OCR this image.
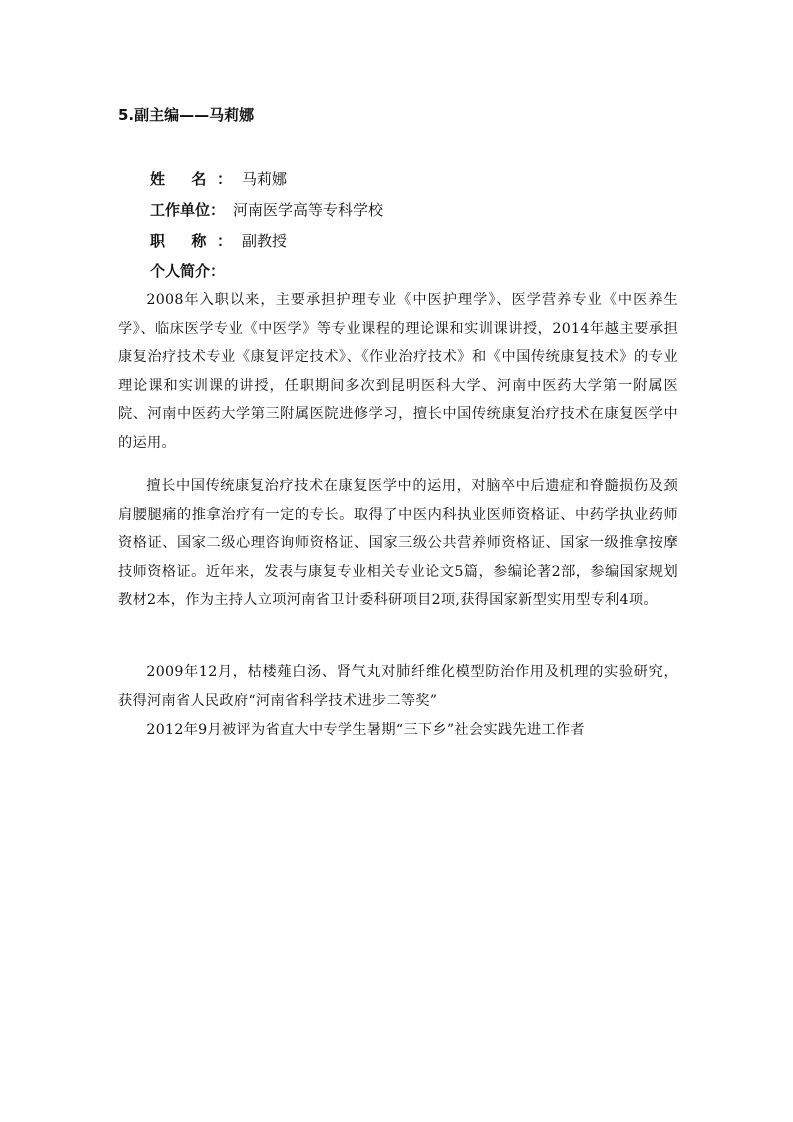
5.副主编——马莉娜
姓 名： 马莉娜
工作单位： 河南医学高等专科学校
职 称： 副教授
个人简介：

2008年入职以来，主要承担护理专业《中医护理学》、医学营养专业《中医养生学》、临床医学专业《中医学》等专业课程的理论课和实训课讲授，2014年越主要承担康复治疗技术专业《康复评定技术》、《作业治疗技术》和《中国传统康复技术》的专业理论课和实训课的讲授，任职期间多次到昆明医科大学、河南中医药大学第一附属医院、河南中医药大学第三附属医院进修学习，擅长中国传统康复治疗技术在康复医学中的运用。

擅长中国传统康复治疗技术在康复医学中的运用，对脑卒中后遗症和脊髓损伤及颈肩腰腿痛的推拿治疗有一定的专长。取得了中医内科执业医师资格证、中药学执业药师资格证、国家二级心理咨询师资格证、国家三级公共营养师资格证、国家一级推拿按摩技师资格证。近年来，发表与康复专业相关专业论文5篇，参编论著2部，参编国家规划教材2本，作为主持人立项河南省卫计委科研项目2项,获得国家新型实用型专利4项。

2009年12月，枯楼薤白汤、肾气丸对肺纤维化模型防治作用及机理的实验研究，获得河南省人民政府“河南省科学技术进步二等奖”

2012年9月被评为省直大中专学生暑期“三下乡”社会实践先进工作者
